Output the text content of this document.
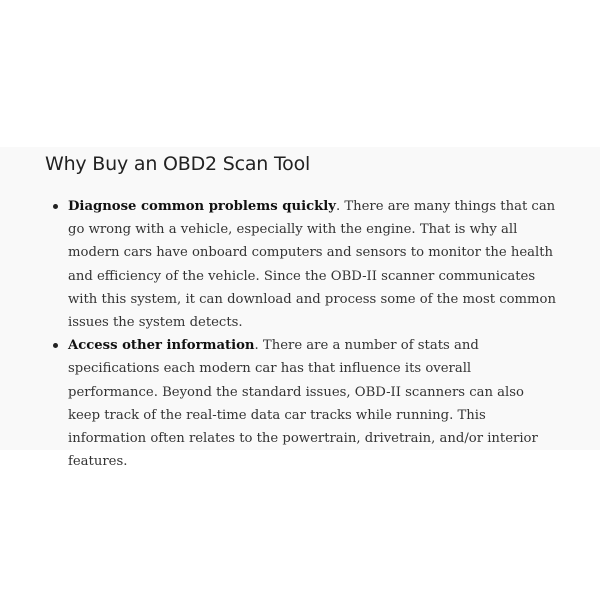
Why Buy an OBD2 Scan Tool
Diagnose common problems quickly. There are many things that can go wrong with a vehicle, especially with the engine. That is why all modern cars have onboard computers and sensors to monitor the health and efficiency of the vehicle. Since the OBD-II scanner communicates with this system, it can download and process some of the most common issues the system detects.
Access other information. There are a number of stats and specifications each modern car has that influence its overall performance. Beyond the standard issues, OBD-II scanners can also keep track of the real-time data car tracks while running. This information often relates to the powertrain, drivetrain, and/or interior features.
